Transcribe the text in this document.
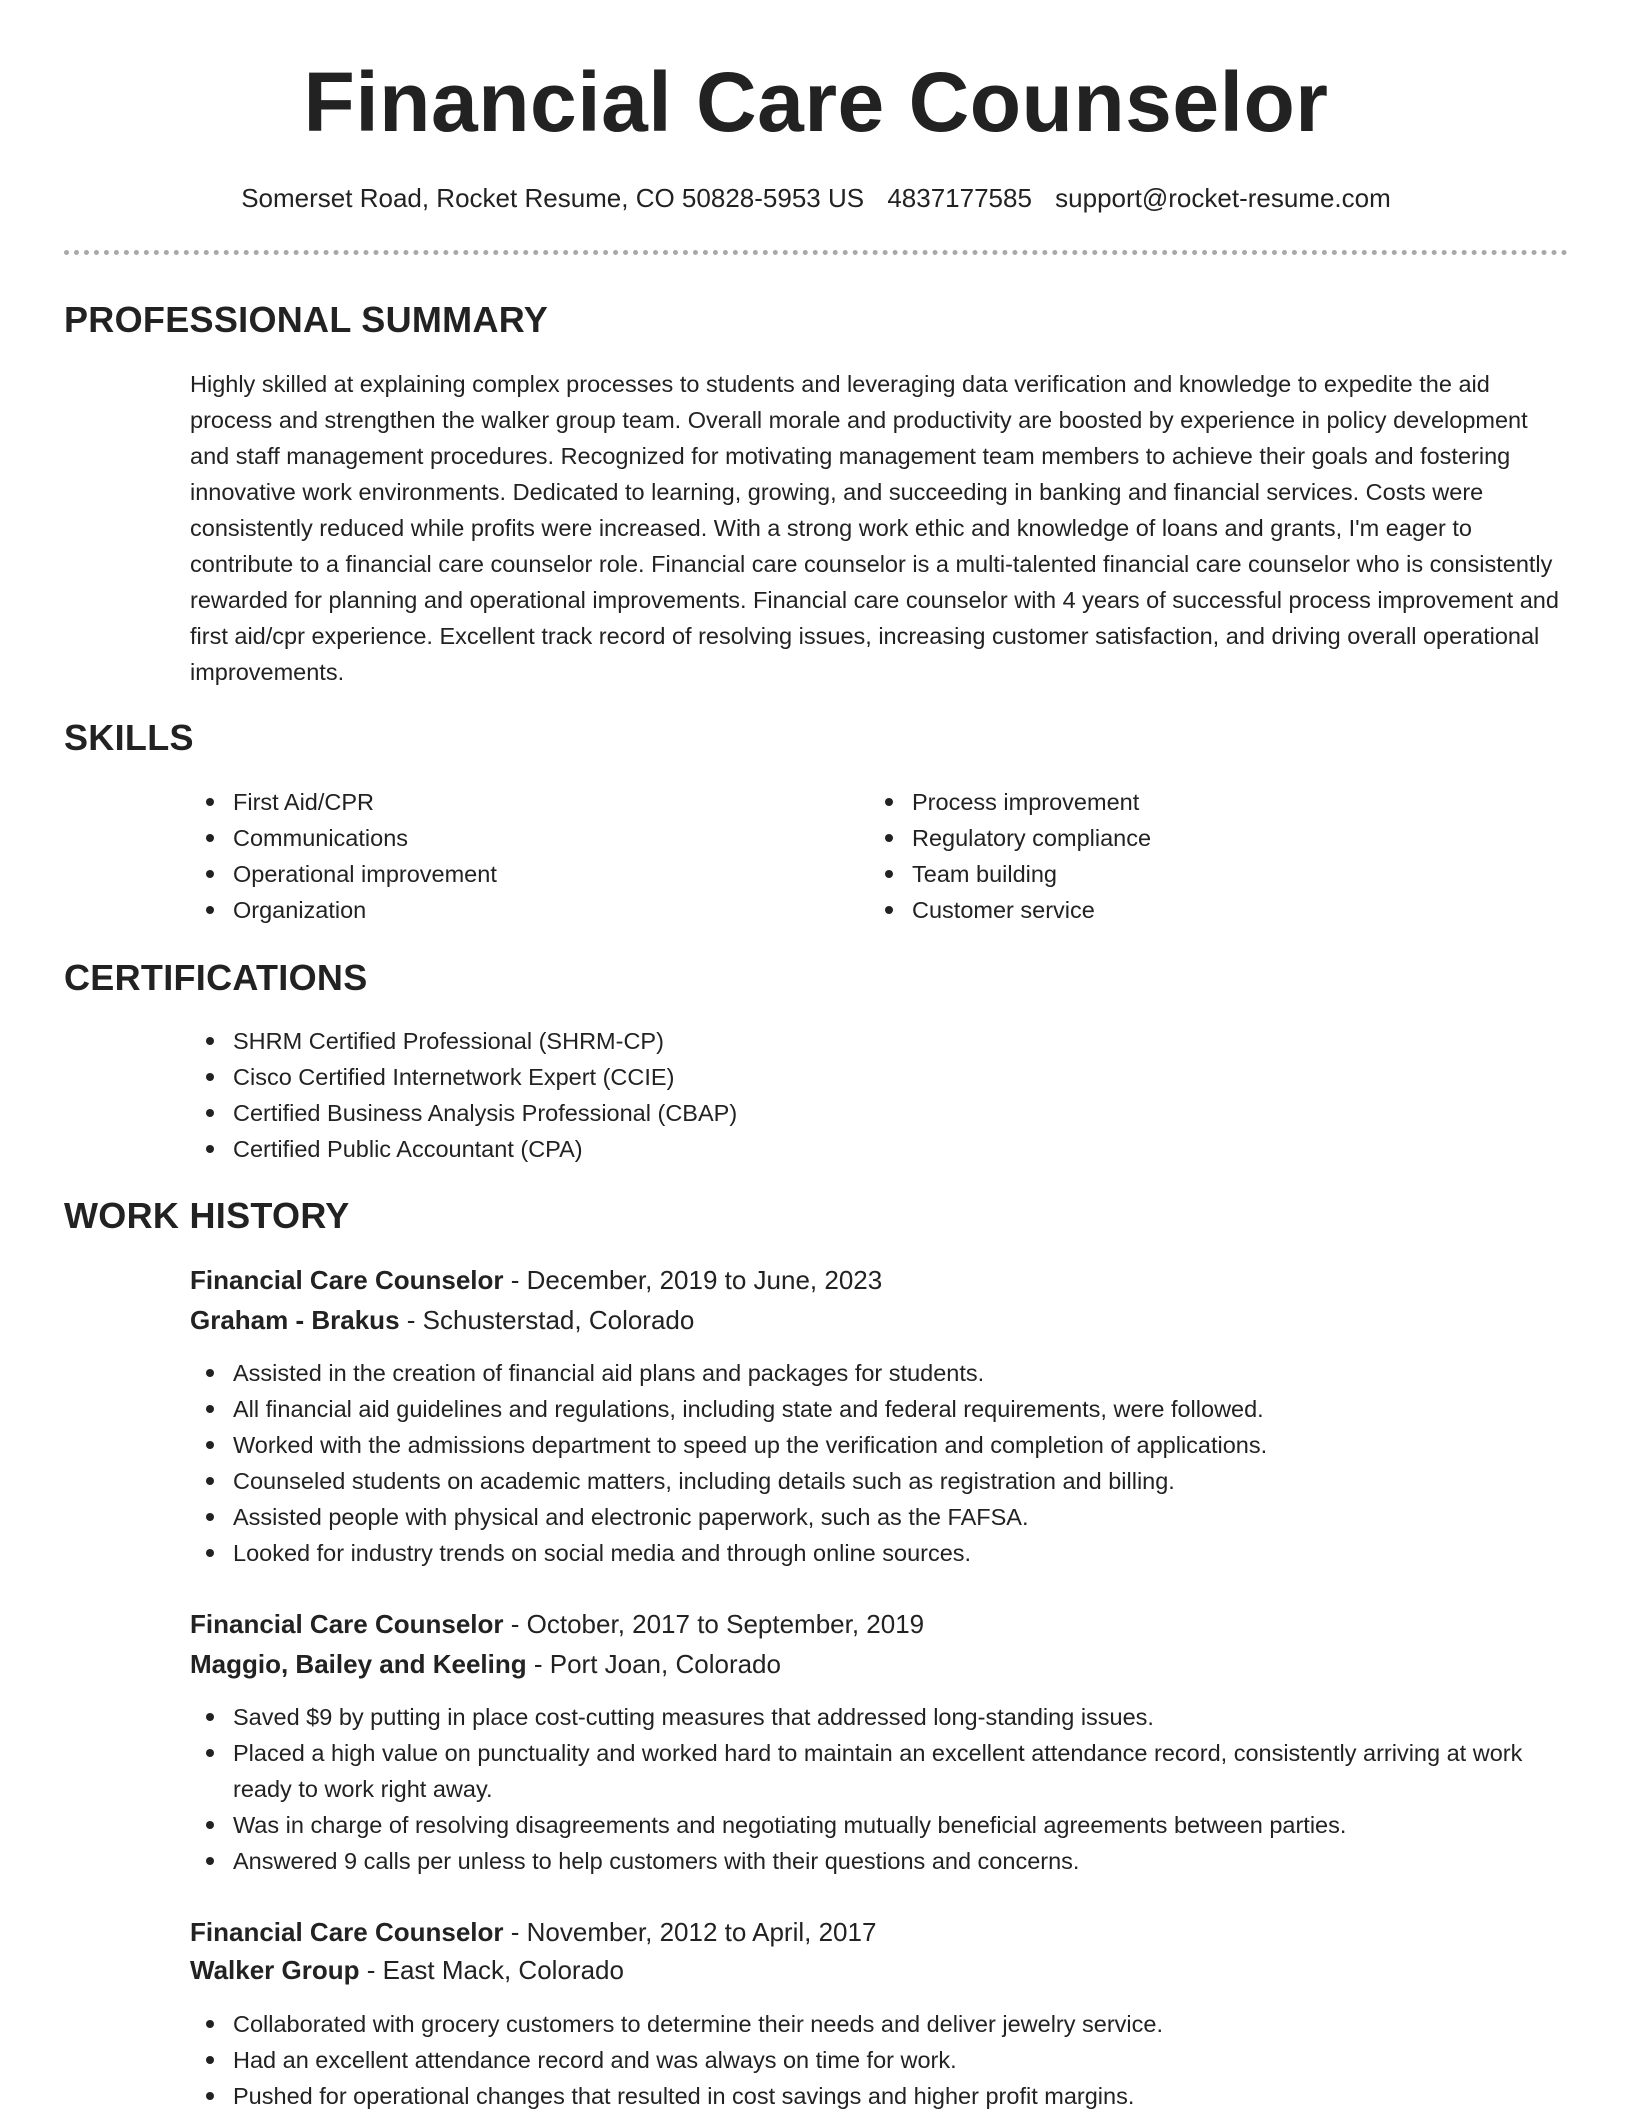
Financial Care Counselor
Somerset Road, Rocket Resume, CO 50828-5953 US 4837177585 support@rocket-resume.com
PROFESSIONAL SUMMARY

Highly skilled at explaining complex processes to students and leveraging data verification and knowledge to expedite the aid process and strengthen the walker group team. Overall morale and productivity are boosted by experience in policy development and staff management procedures. Recognized for motivating management team members to achieve their goals and fostering innovative work environments. Dedicated to learning, growing, and succeeding in banking and financial services. Costs were consistently reduced while profits were increased. With a strong work ethic and knowledge of loans and grants, I'm eager to contribute to a financial care counselor role. Financial care counselor is a multi-talented financial care counselor who is consistently rewarded for planning and operational improvements. Financial care counselor with 4 years of successful process improvement and first aid/cpr experience. Excellent track record of resolving issues, increasing customer satisfaction, and driving overall operational improvements.

SKILLS
First Aid/CPR
Communications
Operational improvement
Organization
Process improvement
Regulatory compliance
Team building
Customer service
CERTIFICATIONS
SHRM Certified Professional (SHRM-CP)
Cisco Certified Internetwork Expert (CCIE)
Certified Business Analysis Professional (CBAP)
Certified Public Accountant (CPA)
WORK HISTORY
Financial Care Counselor - December, 2019 to June, 2023
Graham - Brakus - Schusterstad, Colorado
Assisted in the creation of financial aid plans and packages for students.
All financial aid guidelines and regulations, including state and federal requirements, were followed.
Worked with the admissions department to speed up the verification and completion of applications.
Counseled students on academic matters, including details such as registration and billing.
Assisted people with physical and electronic paperwork, such as the FAFSA.
Looked for industry trends on social media and through online sources.
Financial Care Counselor - October, 2017 to September, 2019
Maggio, Bailey and Keeling - Port Joan, Colorado
Saved $9 by putting in place cost-cutting measures that addressed long-standing issues.
Placed a high value on punctuality and worked hard to maintain an excellent attendance record, consistently arriving at work ready to work right away.
Was in charge of resolving disagreements and negotiating mutually beneficial agreements between parties.
Answered 9 calls per unless to help customers with their questions and concerns.
Financial Care Counselor - November, 2012 to April, 2017
Walker Group - East Mack, Colorado
Collaborated with grocery customers to determine their needs and deliver jewelry service.
Had an excellent attendance record and was always on time for work.
Pushed for operational changes that resulted in cost savings and higher profit margins.
